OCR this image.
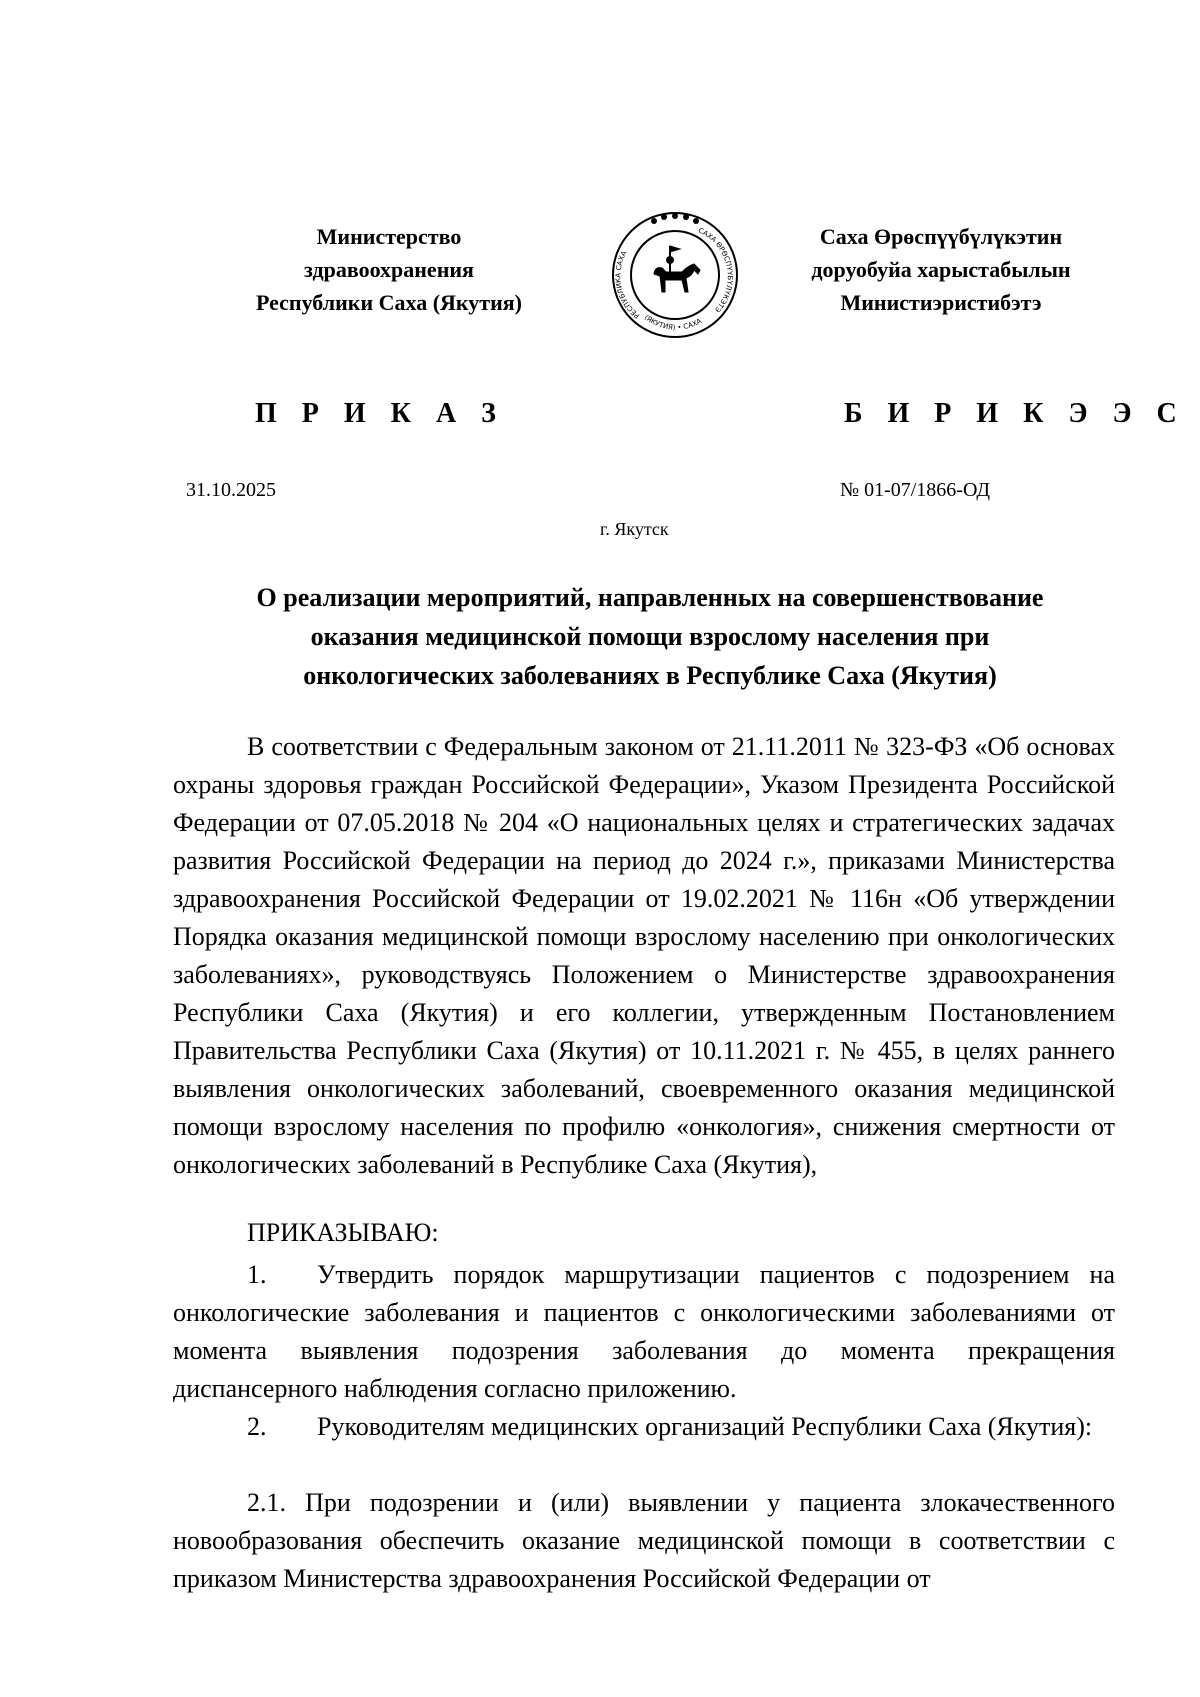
Министерство
здравоохранения
Республики Саха (Якутия)
РЕСПУБЛИКА САХА
САХА ӨРӨСПҮҮБҮЛҮКЭТЭ
(ЯКУТИЯ) • САХА
Саха Өрөспүүбүлүкэтин
доруобуйа харыстабылын
Министиэристибэтэ
П Р И К А З	Б И Р И К Э Э С
31.10.2025	№ 01-07/1866-ОД
г. Якутск
О реализации мероприятий, направленных на совершенствование
оказания медицинской помощи взрослому населения при
онкологических заболеваниях в Республике Саха (Якутия)

В соответствии с Федеральным законом от 21.11.2011 № 323-ФЗ «Об основах охраны здоровья граждан Российской Федерации», Указом Президента Российской Федерации от 07.05.2018 № 204 «О национальных целях и стратегических задачах развития Российской Федерации на период до 2024 г.», приказами Министерства здравоохранения Российской Федерации от 19.02.2021 № 116н «Об утверждении Порядка оказания медицинской помощи взрослому населению при онкологических заболеваниях», руководствуясь Положением о Министерстве здравоохранения Республики Саха (Якутия) и его коллегии, утвержденным Постановлением Правительства Республики Саха (Якутия) от 10.11.2021 г. № 455, в целях раннего выявления онкологических заболеваний, своевременного оказания медицинской помощи взрослому населения по профилю «онкология», снижения смертности от онкологических заболеваний в Республике Саха (Якутия),

ПРИКАЗЫВАЮ:

1. Утвердить порядок маршрутизации пациентов с подозрением на онкологические заболевания и пациентов с онкологическими заболеваниями от момента выявления подозрения заболевания до момента прекращения диспансерного наблюдения согласно приложению.

2. Руководителям медицинских организаций Республики Саха (Якутия):

2.1. При подозрении и (или) выявлении у пациента злокачественного новообразования обеспечить оказание медицинской помощи в соответствии с приказом Министерства здравоохранения Российской Федерации от
